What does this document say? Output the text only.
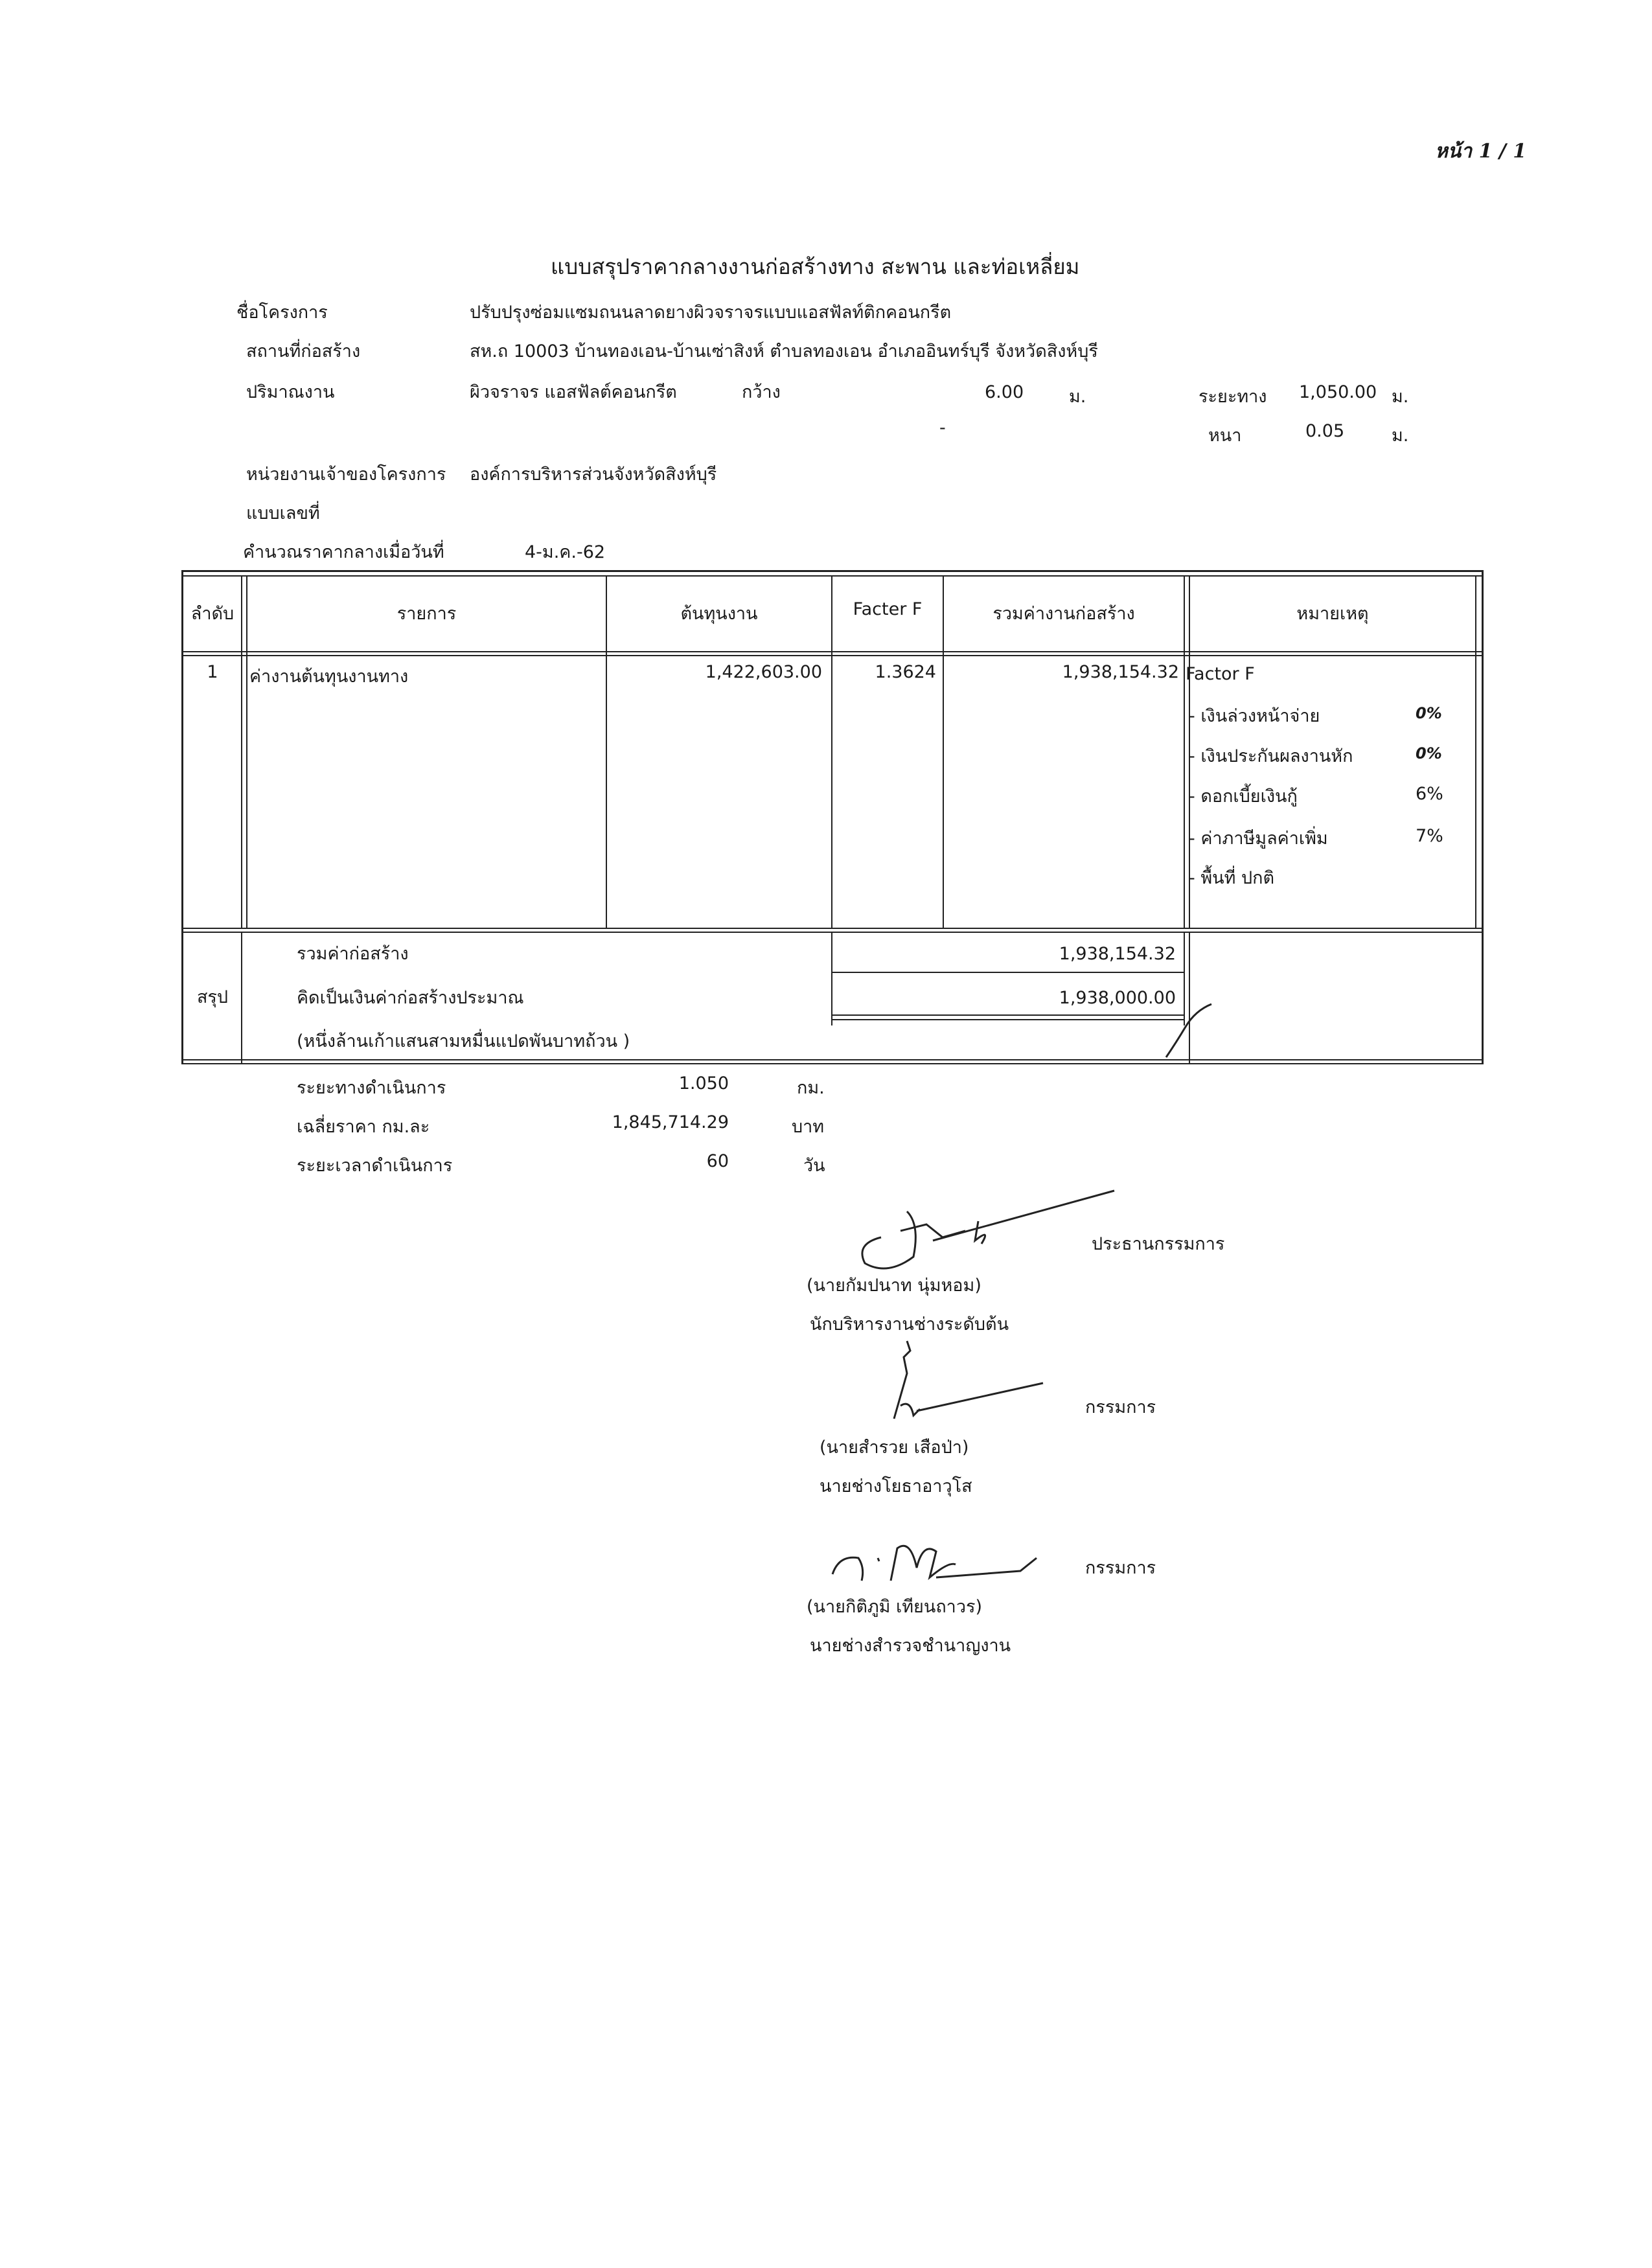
หน้า 1 / 1
แบบสรุปราคากลางงานก่อสร้างทาง สะพาน และท่อเหลี่ยม
ชื่อโครงการ	ปรับปรุงซ่อมแซมถนนลาดยางผิวจราจรแบบแอสฟัลท์ติกคอนกรีต
สถานที่ก่อสร้าง	สห.ถ 10003 บ้านทองเอน-บ้านเซ่าสิงห์ ตำบลทองเอน อำเภออินทร์บุรี จังหวัดสิงห์บุรี
ปริมาณงาน	ผิวจราจร แอสฟัลต์คอนกรีต	กว้าง	6.00	ม.	ระยะทาง 1,050.00 ม.
-	หนา	0.05	ม.
หน่วยงานเจ้าของโครงการ องค์การบริหารส่วนจังหวัดสิงห์บุรี
แบบเลขที่
คำนวณราคากลางเมื่อวันที่	4-ม.ค.-62
ลำดับ	รายการ	ต้นทุนงาน	Facter F	รวมค่างานก่อสร้าง	หมายเหตุ
1	ค่างานต้นทุนงานทาง	1,422,603.00	1.3624	1,938,154.32 Factor F
- เงินล่วงหน้าจ่าย	0%
- เงินประกันผลงานหัก	0%
- ดอกเบี้ยเงินกู้	6%
- ค่าภาษีมูลค่าเพิ่ม	7%
- พื้นที่ ปกติ
สรุป
รวมค่าก่อสร้าง	1,938,154.32
คิดเป็นเงินค่าก่อสร้างประมาณ	1,938,000.00
(หนึ่งล้านเก้าแสนสามหมื่นแปดพันบาทถ้วน )
ระยะทางดำเนินการ	1.050	กม.
เฉลี่ยราคา กม.ละ	1,845,714.29	บาท
ระยะเวลาดำเนินการ	60	วัน
ประธานกรรมการ
(นายกัมปนาท นุ่มหอม)
นักบริหารงานช่างระดับต้น
กรรมการ
(นายสำรวย เสือป่า)
นายช่างโยธาอาวุโส
กรรมการ
(นายกิติภูมิ เทียนถาวร)
นายช่างสำรวจชำนาญงาน
